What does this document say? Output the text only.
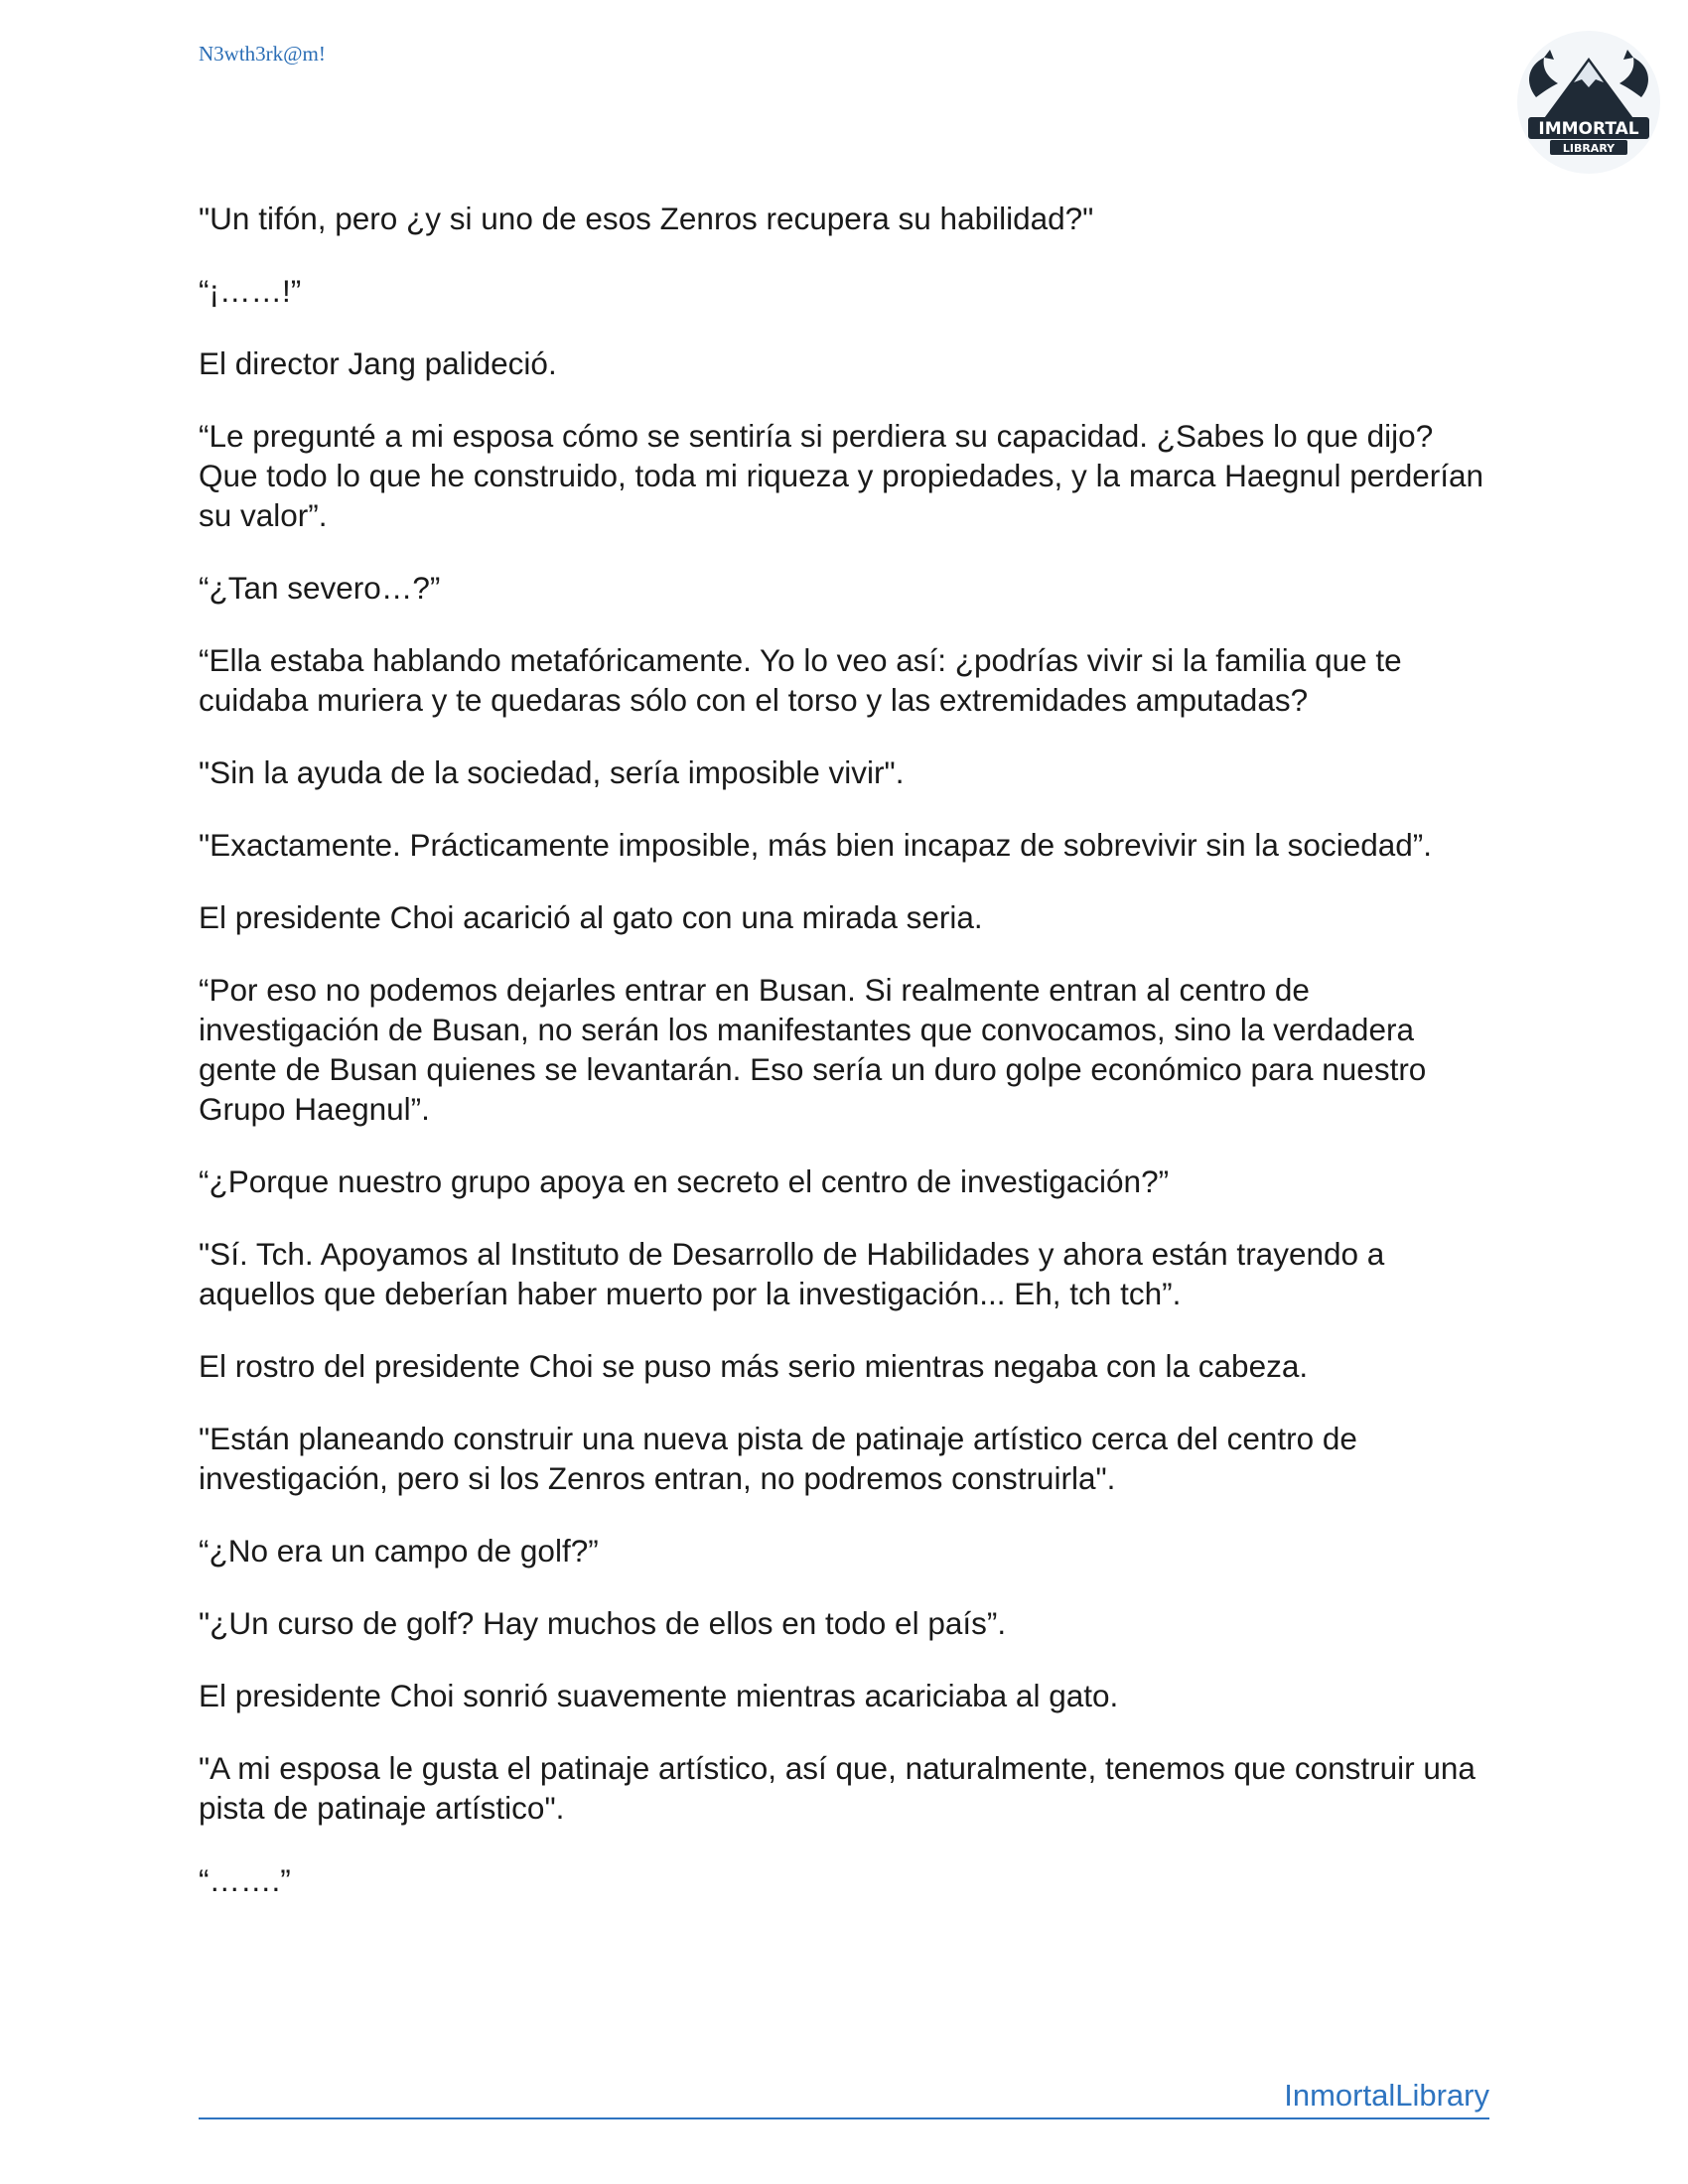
N3wth3rk@m!
IMMORTAL
LIBRARY

"Un tifón, pero ¿y si uno de esos Zenros recupera su habilidad?"

“¡……!”

El director Jang palideció.

“Le pregunté a mi esposa cómo se sentiría si perdiera su capacidad. ¿Sabes lo que dijo? Que todo lo que he construido, toda mi riqueza y propiedades, y la marca Haegnul perderían su valor”.

“¿Tan severo…?”

“Ella estaba hablando metafóricamente. Yo lo veo así: ¿podrías vivir si la familia que te cuidaba muriera y te quedaras sólo con el torso y las extremidades amputadas?

"Sin la ayuda de la sociedad, sería imposible vivir".

"Exactamente. Prácticamente imposible, más bien incapaz de sobrevivir sin la sociedad”.

El presidente Choi acarició al gato con una mirada seria.

“Por eso no podemos dejarles entrar en Busan. Si realmente entran al centro de investigación de Busan, no serán los manifestantes que convocamos, sino la verdadera gente de Busan quienes se levantarán. Eso sería un duro golpe económico para nuestro Grupo Haegnul”.

“¿Porque nuestro grupo apoya en secreto el centro de investigación?”

"Sí. Tch. Apoyamos al Instituto de Desarrollo de Habilidades y ahora están trayendo a aquellos que deberían haber muerto por la investigación... Eh, tch tch”.

El rostro del presidente Choi se puso más serio mientras negaba con la cabeza.

"Están planeando construir una nueva pista de patinaje artístico cerca del centro de investigación, pero si los Zenros entran, no podremos construirla".

“¿No era un campo de golf?”

"¿Un curso de golf? Hay muchos de ellos en todo el país”.

El presidente Choi sonrió suavemente mientras acariciaba al gato.

"A mi esposa le gusta el patinaje artístico, así que, naturalmente, tenemos que construir una pista de patinaje artístico".

“…….”

InmortalLibrary
